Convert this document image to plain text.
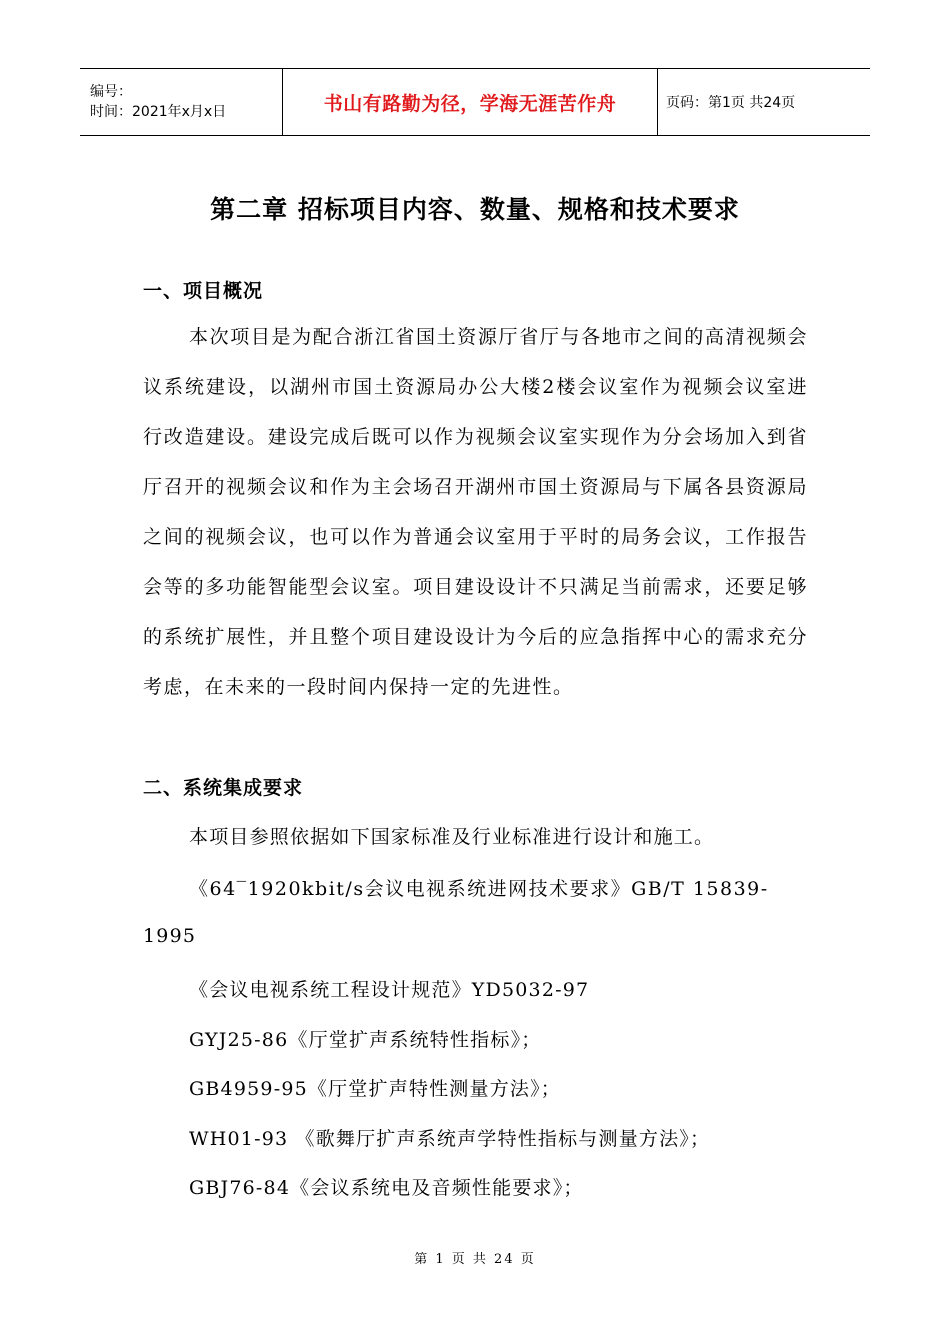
编号：
时间：2021年x月x日	书山有路勤为径，学海无涯苦作舟	页码：第1页 共24页
第二章 招标项目内容、数量、规格和技术要求
一、项目概况
本次项目是为配合浙江省国土资源厅省厅与各地市之间的高清视频会议系统建设，以湖州市国土资源局办公大楼2楼会议室作为视频会议室进行改造建设。建设完成后既可以作为视频会议室实现作为分会场加入到省厅召开的视频会议和作为主会场召开湖州市国土资源局与下属各县资源局之间的视频会议，也可以作为普通会议室用于平时的局务会议，工作报告会等的多功能智能型会议室。项目建设设计不只满足当前需求，还要足够的系统扩展性，并且整个项目建设设计为今后的应急指挥中心的需求充分考虑，在未来的一段时间内保持一定的先进性。
二、系统集成要求
本项目参照依据如下国家标准及行业标准进行设计和施工。
《64‾1920kbit/s会议电视系统进网技术要求》GB/T 15839-
1995
《会议电视系统工程设计规范》YD5032-97
GYJ25-86《厅堂扩声系统特性指标》；
GB4959-95《厅堂扩声特性测量方法》；
WH01-93 《歌舞厅扩声系统声学特性指标与测量方法》；
GBJ76-84《会议系统电及音频性能要求》；
第 1 页 共 24 页
